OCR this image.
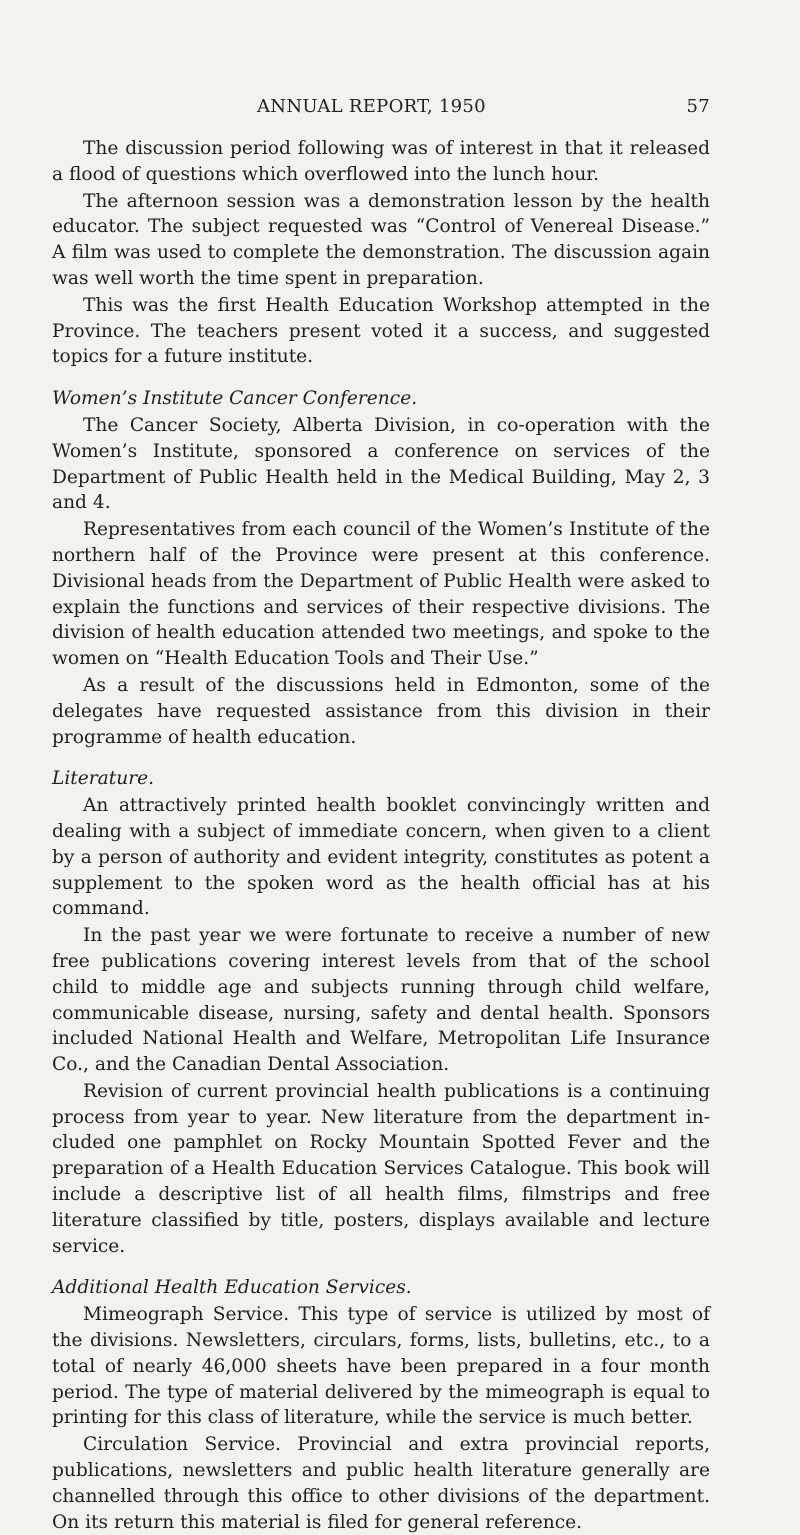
ANNUAL REPORT, 1950	57

The discussion period following was of interest in that it released a flood of questions which overflowed into the lunch hour.

The afternoon session was a demonstration lesson by the health educator. The subject requested was “Control of Venereal Disease.” A film was used to complete the demonstration. The discussion again was well worth the time spent in preparation.

This was the first Health Education Workshop attempted in the Province. The teachers present voted it a success, and suggested topics for a future institute.

Women’s Institute Cancer Conference.

The Cancer Society, Alberta Division, in co-operation with the Women’s Institute, sponsored a conference on services of the Department of Public Health held in the Medical Building, May 2, 3 and 4.

Representatives from each council of the Women’s Institute of the northern half of the Province were present at this conference. Divisional heads from the Department of Public Health were asked to explain the functions and services of their respective divisions. The division of health education attended two meetings, and spoke to the women on “Health Education Tools and Their Use.”

As a result of the discussions held in Edmonton, some of the delegates have requested assistance from this division in their programme of health education.

Literature.

An attractively printed health booklet convincingly written and dealing with a subject of immediate concern, when given to a client by a person of authority and evident integrity, constitutes as potent a supplement to the spoken word as the health official has at his command.

In the past year we were fortunate to receive a number of new free publications covering interest levels from that of the school child to middle age and subjects running through child welfare, communicable disease, nursing, safety and dental health. Sponsors included National Health and Welfare, Metropolitan Life Insurance Co., and the Canadian Dental Association.

Revision of current provincial health publications is a continuing process from year to year. New literature from the department included one pamphlet on Rocky Mountain Spotted Fever and the preparation of a Health Education Services Catalogue. This book will include a descriptive list of all health films, filmstrips and free literature classified by title, posters, displays available and lecture service.

Additional Health Education Services.

Mimeograph Service. This type of service is utilized by most of the divisions. Newsletters, circulars, forms, lists, bulletins, etc., to a total of nearly 46,000 sheets have been prepared in a four month period. The type of material delivered by the mimeograph is equal to printing for this class of literature, while the service is much better.

Circulation Service. Provincial and extra provincial reports, publications, newsletters and public health literature generally are channelled through this office to other divisions of the department. On its return this material is filed for general reference.
